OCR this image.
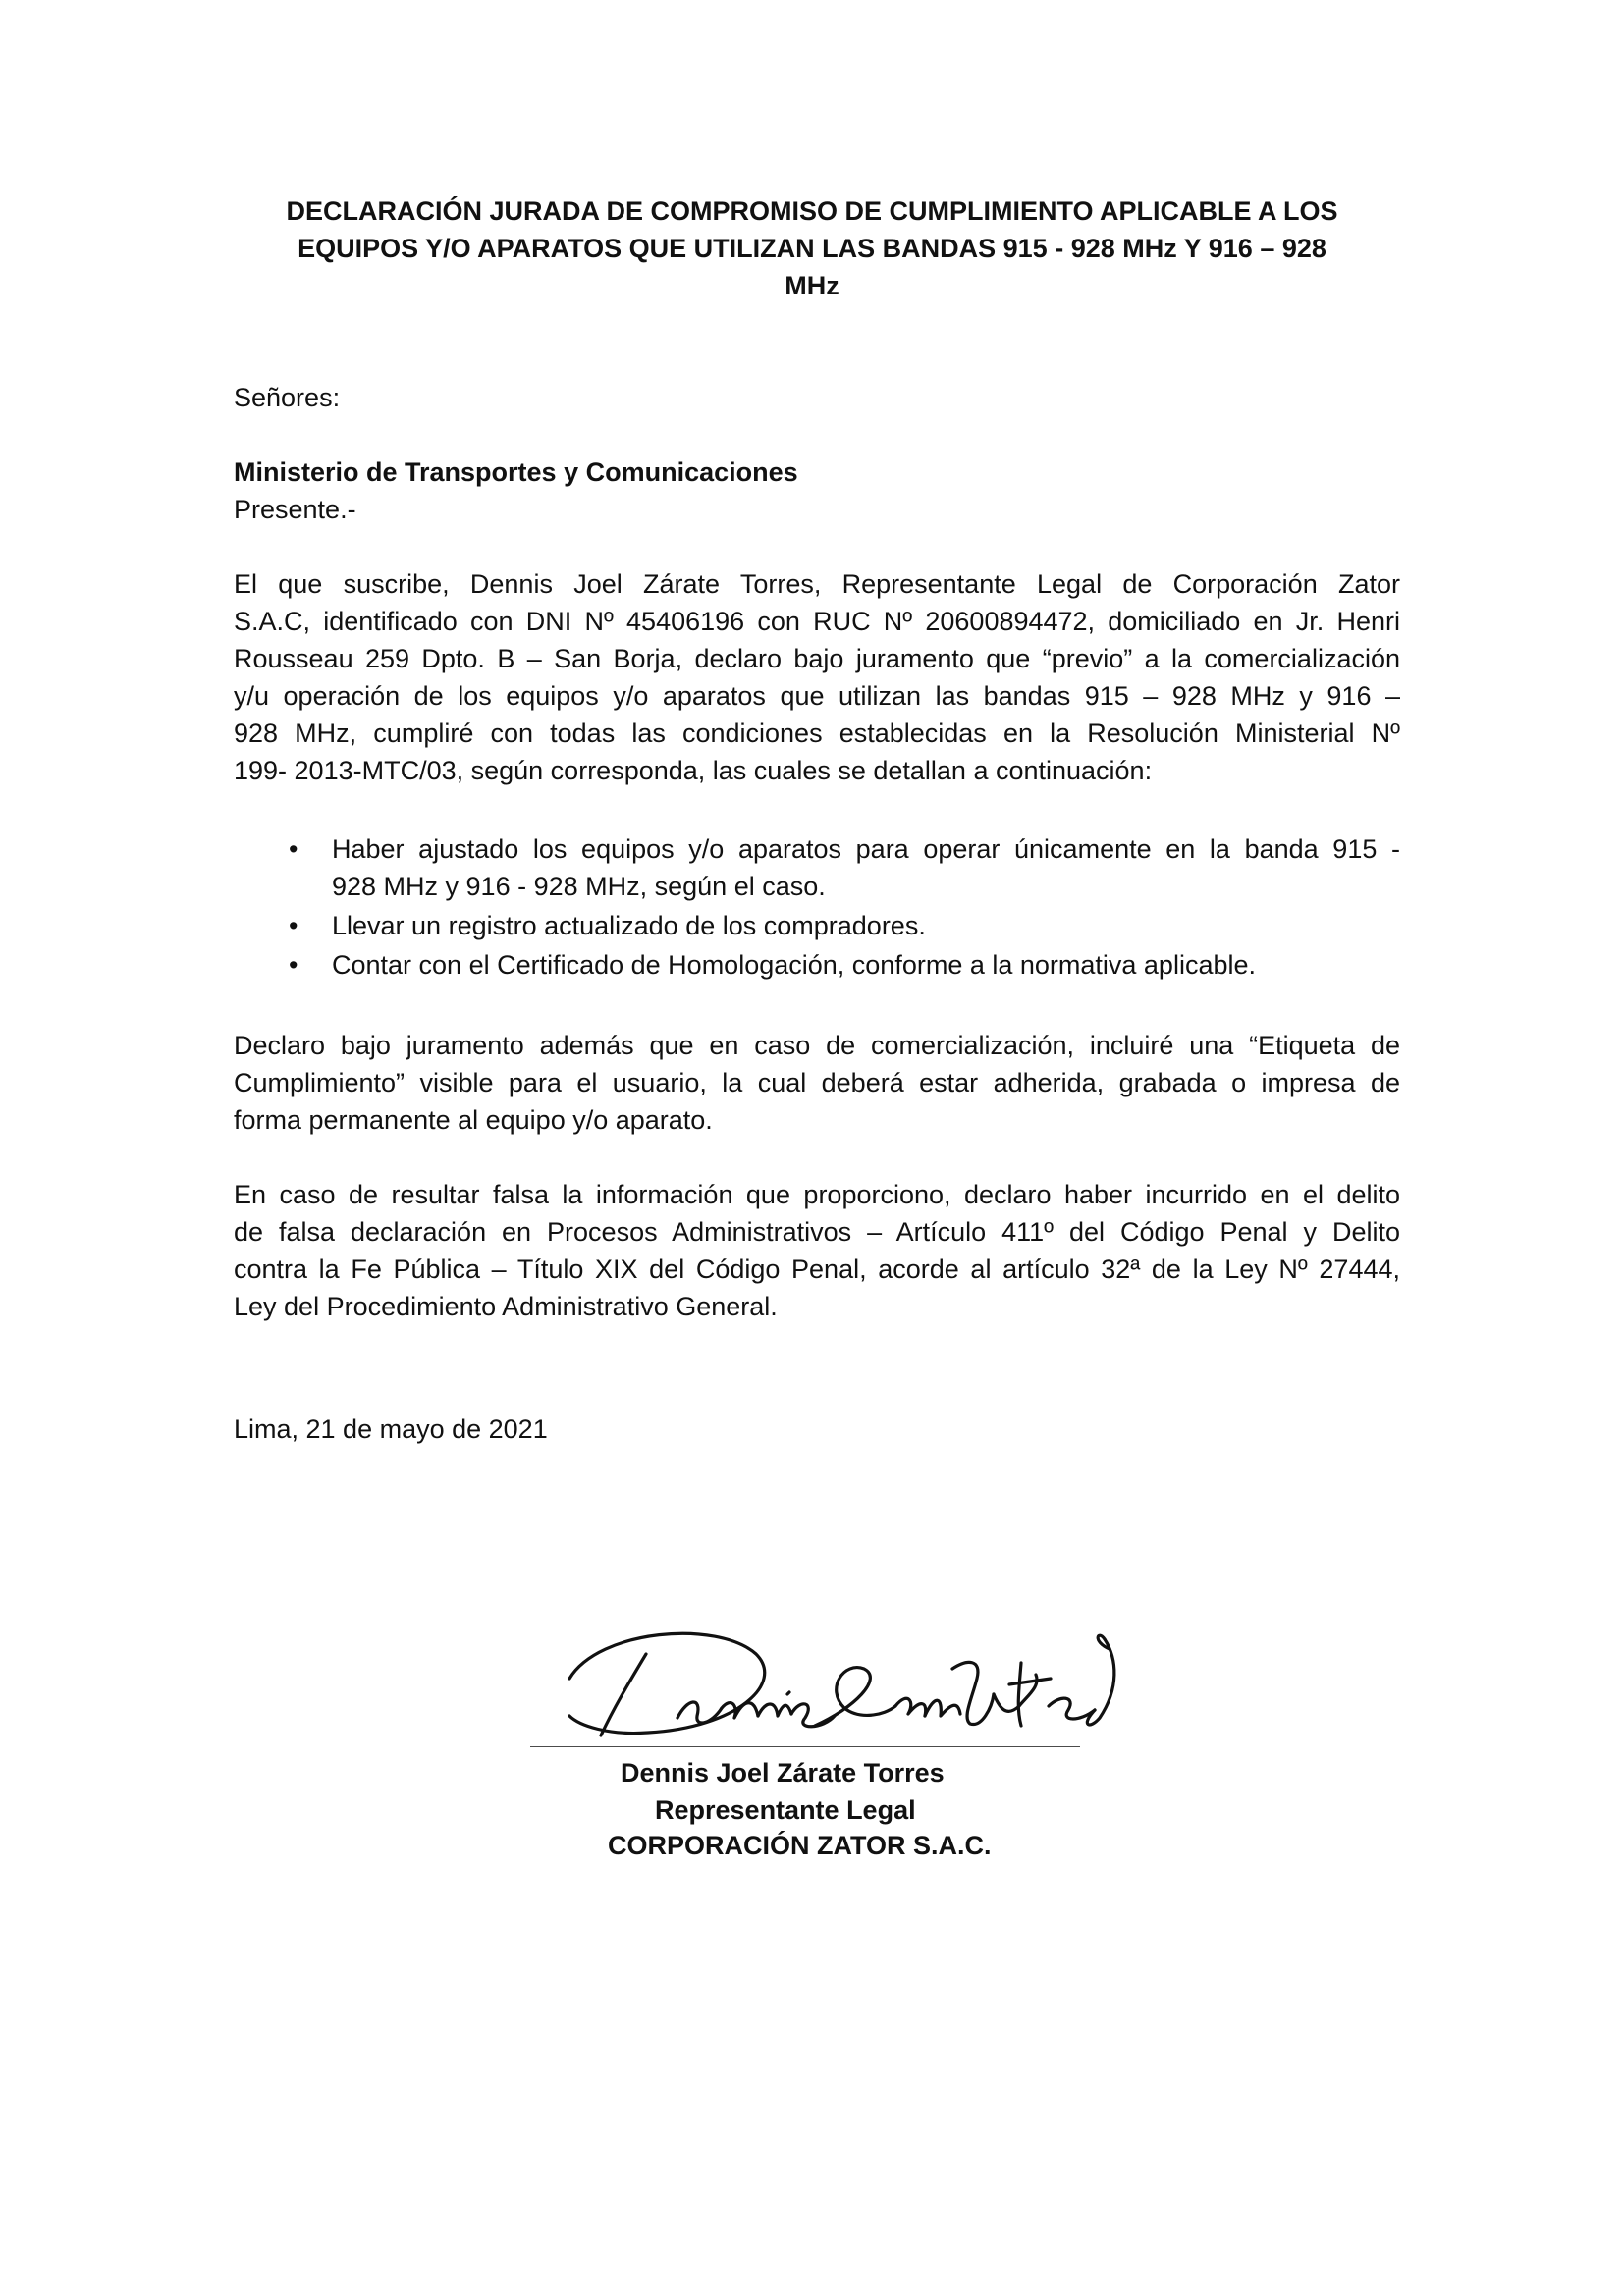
DECLARACIÓN JURADA DE COMPROMISO DE CUMPLIMIENTO APLICABLE A LOS
EQUIPOS Y/O APARATOS QUE UTILIZAN LAS BANDAS 915 - 928 MHz Y 916 – 928
MHz

Señores:

Ministerio de Transportes y Comunicaciones

Presente.-

El que suscribe, Dennis Joel Zárate Torres, Representante Legal de Corporación Zator
S.A.C, identificado con DNI Nº 45406196 con RUC Nº 20600894472, domiciliado en Jr. Henri
Rousseau 259 Dpto. B – San Borja, declaro bajo juramento que “previo” a la comercialización
y/u operación de los equipos y/o aparatos que utilizan las bandas 915 – 928 MHz y 916 –
928 MHz, cumpliré con todas las condiciones establecidas en la Resolución Ministerial Nº
199- 2013-MTC/03, según corresponda, las cuales se detallan a continuación:
• Haber ajustado los equipos y/o aparatos para operar únicamente en la banda 915 -
928 MHz y 916 - 928 MHz, según el caso.
• Llevar un registro actualizado de los compradores.
• Contar con el Certificado de Homologación, conforme a la normativa aplicable.
Declaro bajo juramento además que en caso de comercialización, incluiré una “Etiqueta de
Cumplimiento” visible para el usuario, la cual deberá estar adherida, grabada o impresa de
forma permanente al equipo y/o aparato.
En caso de resultar falsa la información que proporciono, declaro haber incurrido en el delito
de falsa declaración en Procesos Administrativos – Artículo 411º del Código Penal y Delito
contra la Fe Pública – Título XIX del Código Penal, acorde al artículo 32ª de la Ley Nº 27444,
Ley del Procedimiento Administrativo General.

Lima, 21 de mayo de 2021

Dennis Joel Zárate Torres
Representante Legal
CORPORACIÓN ZATOR S.A.C.
